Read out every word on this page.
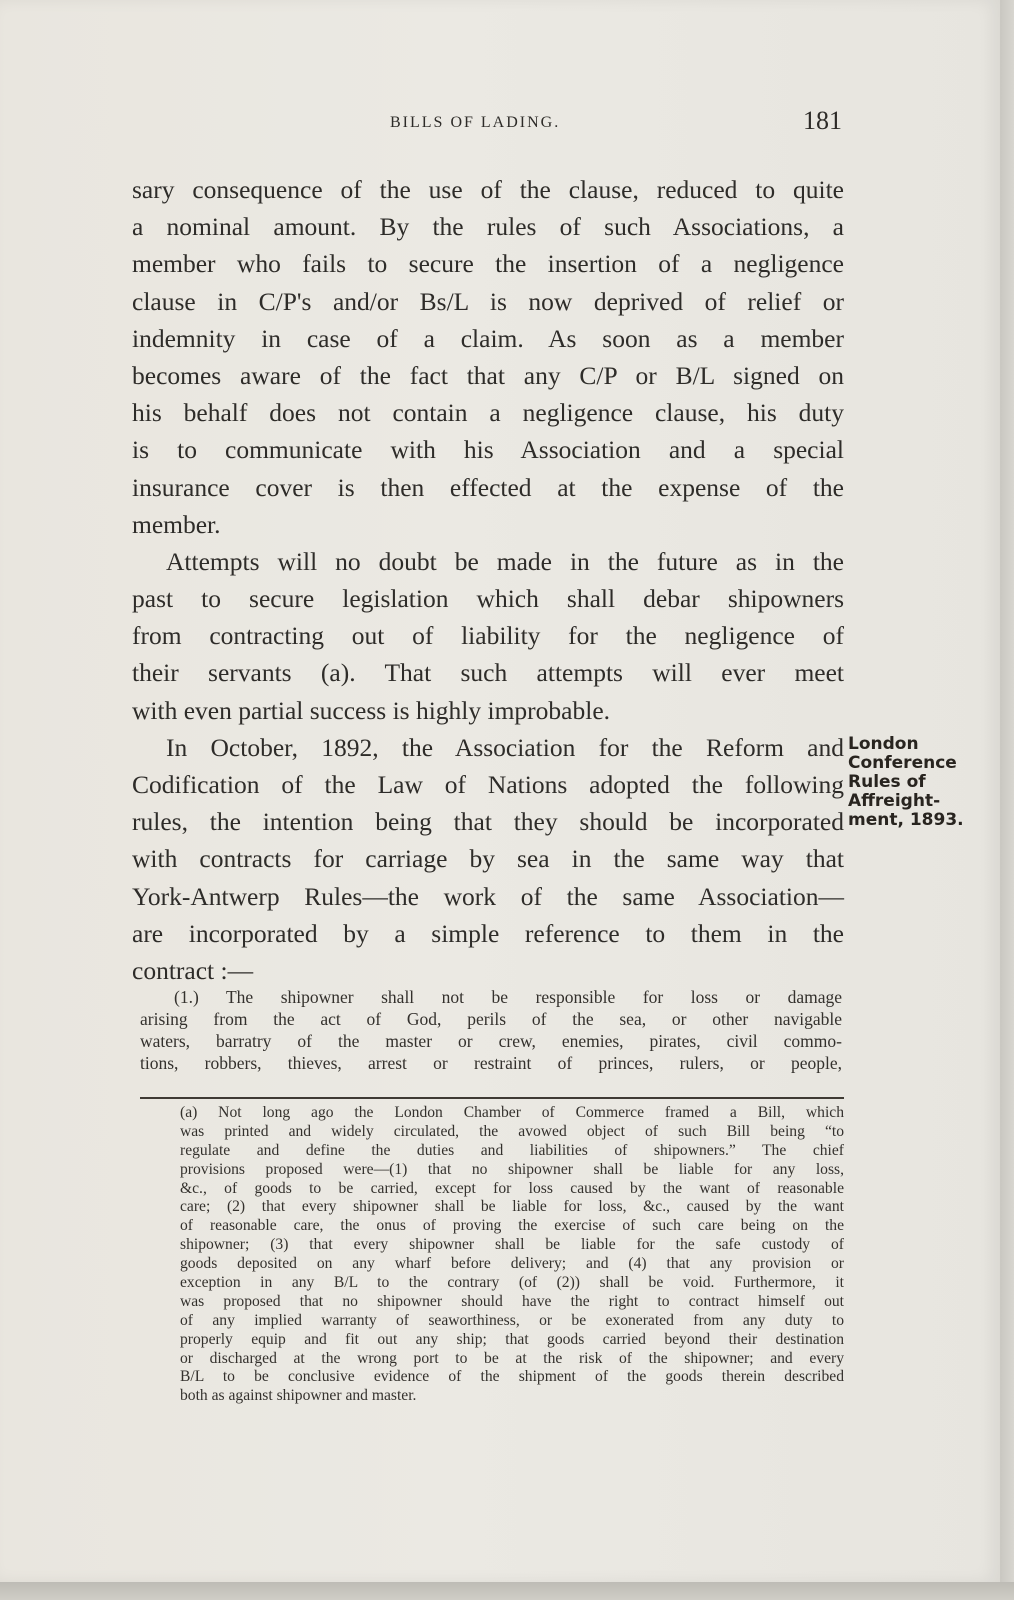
BILLS OF LADING.	181
sary consequence of the use of the clause, reduced to quite
a nominal amount. By the rules of such Associations, a
member who fails to secure the insertion of a negligence
clause in C/P's and/or Bs/L is now deprived of relief or
indemnity in case of a claim. As soon as a member
becomes aware of the fact that any C/P or B/L signed on
his behalf does not contain a negligence clause, his duty
is to communicate with his Association and a special
insurance cover is then effected at the expense of the
member.
Attempts will no doubt be made in the future as in the
past to secure legislation which shall debar shipowners
from contracting out of liability for the negligence of
their servants (a). That such attempts will ever meet
with even partial success is highly improbable.
In October, 1892, the Association for the Reform and
Codification of the Law of Nations adopted the following
rules, the intention being that they should be incorporated
with contracts for carriage by sea in the same way that
York-Antwerp Rules—the work of the same Association—
are incorporated by a simple reference to them in the
contract :—
London
Conference
Rules of
Affreight-
ment, 1893.
(1.) The shipowner shall not be responsible for loss or damage
arising from the act of God, perils of the sea, or other navigable
waters, barratry of the master or crew, enemies, pirates, civil commo-
tions, robbers, thieves, arrest or restraint of princes, rulers, or people,
(a) Not long ago the London Chamber of Commerce framed a Bill, which
was printed and widely circulated, the avowed object of such Bill being “to
regulate and define the duties and liabilities of shipowners.” The chief
provisions proposed were—(1) that no shipowner shall be liable for any loss,
&c., of goods to be carried, except for loss caused by the want of reasonable
care; (2) that every shipowner shall be liable for loss, &c., caused by the want
of reasonable care, the onus of proving the exercise of such care being on the
shipowner; (3) that every shipowner shall be liable for the safe custody of
goods deposited on any wharf before delivery; and (4) that any provision or
exception in any B/L to the contrary (of (2)) shall be void. Furthermore, it
was proposed that no shipowner should have the right to contract himself out
of any implied warranty of seaworthiness, or be exonerated from any duty to
properly equip and fit out any ship; that goods carried beyond their destination
or discharged at the wrong port to be at the risk of the shipowner; and every
B/L to be conclusive evidence of the shipment of the goods therein described
both as against shipowner and master.
